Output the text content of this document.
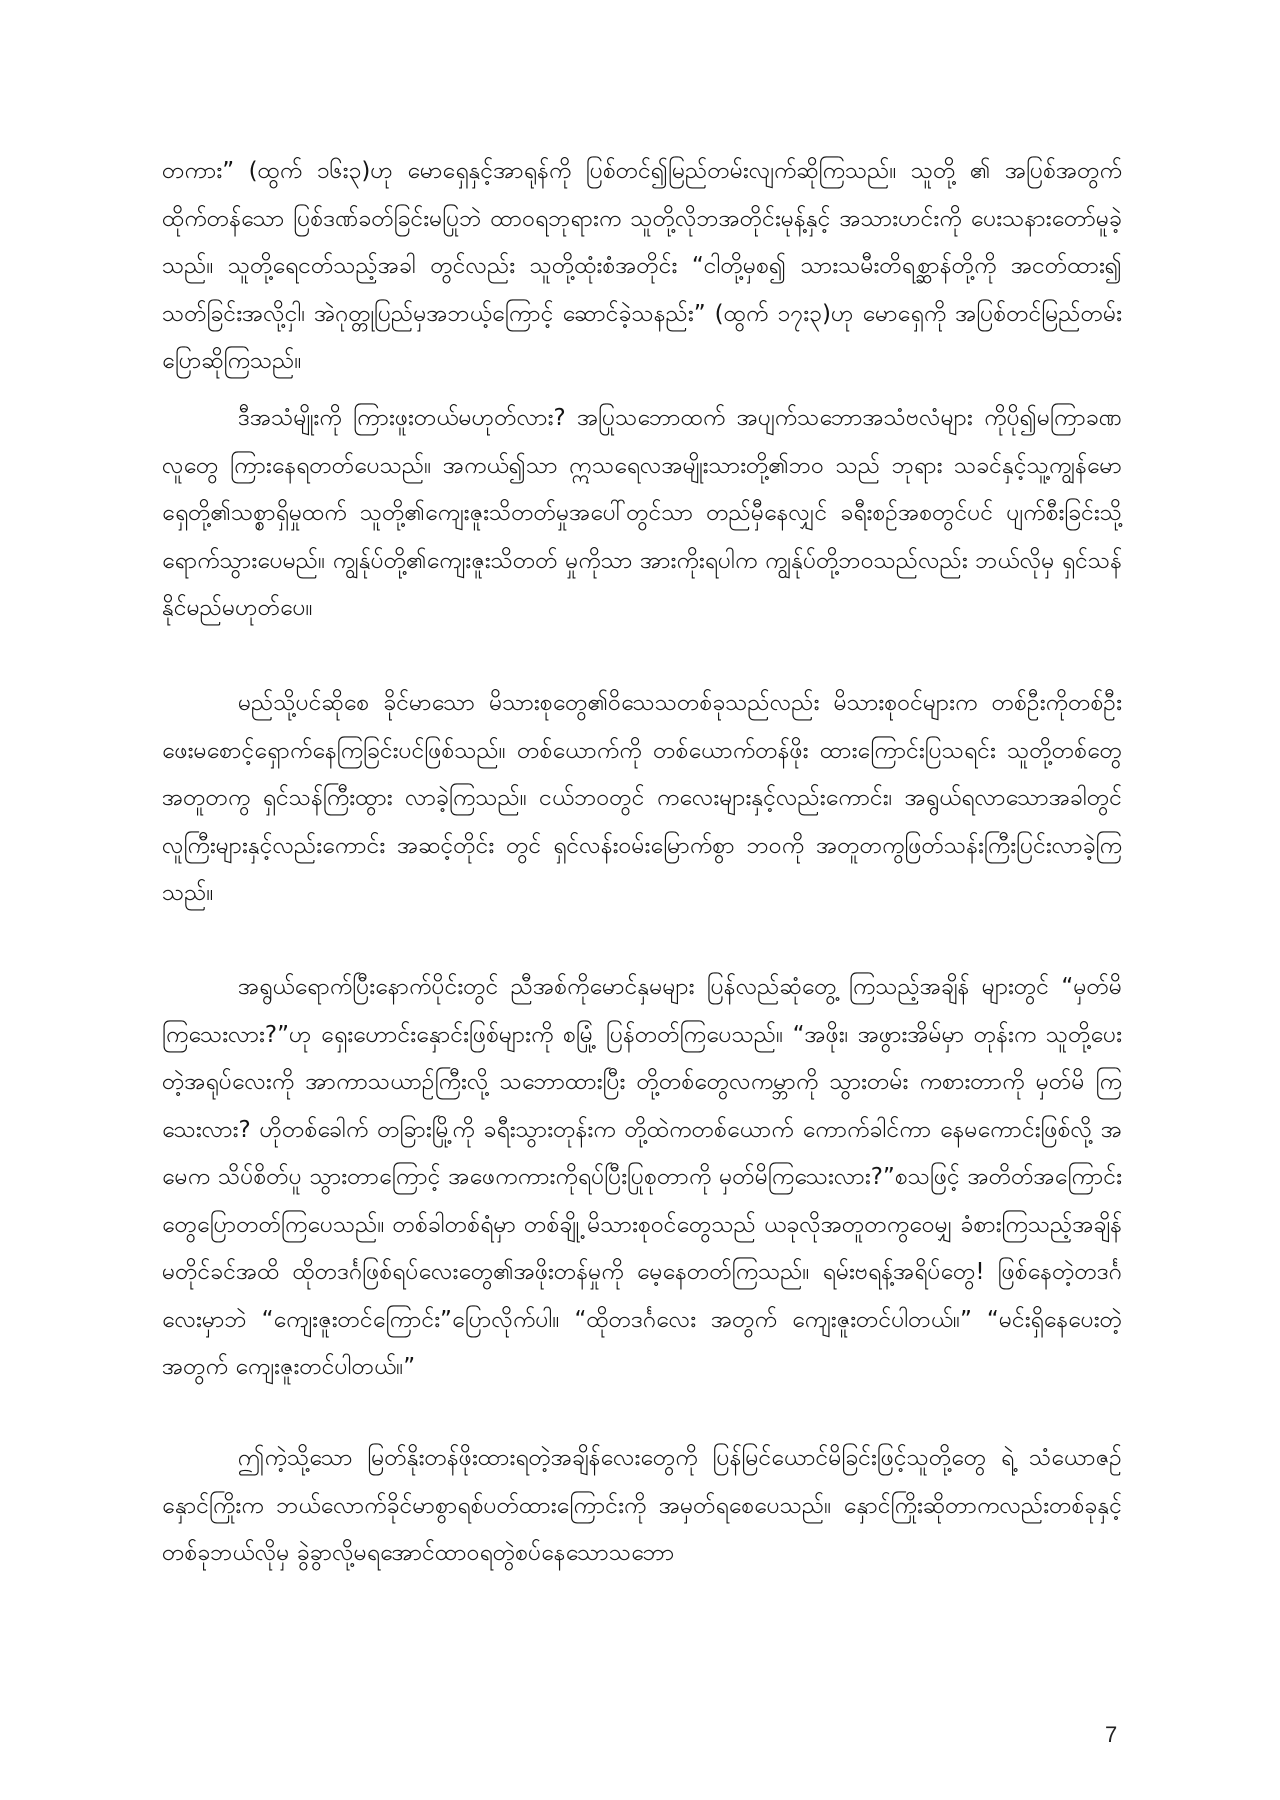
တကား” (ထွက် ၁၆း၃)ဟု မောရှေနှင့်အာရုန်ကို ပြစ်တင်၍မြည်တမ်းလျက်ဆိုကြသည်။ သူတို့ ၏ အပြစ်အတွက်ထိုက်တန်သော ပြစ်ဒဏ်ခတ်ခြင်းမပြုဘဲ ထာဝရဘုရားက သူတို့လိုဘအတိုင်းမုန့်နှင့် အသားဟင်းကို ပေးသနားတော်မူခဲ့သည်။ သူတို့ရေငတ်သည့်အခါ တွင်လည်း သူတို့ထုံးစံအတိုင်း “ငါတို့မှစ၍ သားသမီးတိရစ္ဆာန်တို့ကို အငတ်ထား၍ သတ်ခြင်းအလို့ငှါ၊ အဲဂုတ္တုပြည်မှအဘယ့်ကြောင့် ဆောင်ခဲ့သနည်း” (ထွက် ၁၇း၃)ဟု မောရှေကို အပြစ်တင်မြည်တမ်းပြောဆိုကြသည်။

ဒီအသံမျိုးကို ကြားဖူးတယ်မဟုတ်လား? အပြုသဘောထက် အပျက်သဘောအသံဗလံများ ကိုပို၍မကြာခဏလူတွေ ကြားနေရတတ်ပေသည်။ အကယ်၍သာ ဣသရေလအမျိုးသားတို့၏ဘဝ သည် ဘုရား သခင်နှင့်သူ့ကျွန်မောရှေတို့၏သစ္စာရှိမှုထက် သူတို့၏ကျေးဇူးသိတတ်မှုအပေါ်တွင်သာ တည်မှီနေလျှင် ခရီးစဉ်အစတွင်ပင် ပျက်စီးခြင်းသို့ရောက်သွားပေမည်။ ကျွန်ုပ်တို့၏ကျေးဇူးသိတတ် မှုကိုသာ အားကိုးရပါက ကျွန်ုပ်တို့ဘဝသည်လည်း ဘယ်လိုမှ ရှင်သန်နိုင်မည်မဟုတ်ပေ။

မည်သို့ပင်ဆိုစေ ခိုင်မာသော မိသားစုတွေ၏ဝိသေသတစ်ခုသည်လည်း မိသားစုဝင်များက တစ်ဦးကိုတစ်ဦးဖေးမစောင့်ရှောက်နေကြခြင်းပင်ဖြစ်သည်။ တစ်ယောက်ကို တစ်ယောက်တန်ဖိုး ထားကြောင်းပြသရင်း သူတို့တစ်တွေ အတူတကွ ရှင်သန်ကြီးထွား လာခဲ့ကြသည်။ ငယ်ဘဝတွင် ကလေးများနှင့်လည်းကောင်း၊ အရွယ်ရလာသောအခါတွင် လူကြီးများနှင့်လည်းကောင်း အဆင့်တိုင်း တွင် ရှင်လန်းဝမ်းမြောက်စွာ ဘဝကို အတူတကွဖြတ်သန်းကြီးပြင်းလာခဲ့ကြသည်။

အရွယ်ရောက်ပြီးနောက်ပိုင်းတွင် ညီအစ်ကိုမောင်နှမများ ပြန်လည်ဆုံတွေ့ ကြသည့်အချိန် များတွင် “မှတ်မိကြသေးလား?”ဟု ရှေးဟောင်းနှောင်းဖြစ်များကို စမြုံ့ ပြန်တတ်ကြပေသည်။ “အဖိုး၊ အဖွားအိမ်မှာ တုန်းက သူတို့ပေးတဲ့အရုပ်လေးကို အာကာသယာဉ်ကြီးလို့ သဘောထားပြီး တို့တစ်တွေလကမ္ဘာကို သွားတမ်း ကစားတာကို မှတ်မိ ကြသေးလား? ဟိုတစ်ခေါက် တခြားမြို့ကို ခရီးသွားတုန်းက တို့ထဲကတစ်ယောက် ကောက်ခါင်ကာ နေမကောင်းဖြစ်လို့ အမေက သိပ်စိတ်ပူ သွားတာကြောင့် အဖေကကားကိုရပ်ပြီးပြုစုတာကို မှတ်မိကြသေးလား?”စသဖြင့် အတိတ်အကြောင်း တွေပြောတတ်ကြပေသည်။ တစ်ခါတစ်ရံမှာ တစ်ချို့ မိသားစုဝင်တွေသည် ယခုလိုအတူတကွဝေမျှ ခံစားကြသည့်အချိန်မတိုင်ခင်အထိ ထိုတဒင်္ဂဖြစ်ရပ်လေးတွေ၏အဖိုးတန်မှုကို မေ့နေတတ်ကြသည်။ ရမ်းဗရန့်အရိပ်တွေ! ဖြစ်နေတဲ့တဒင်္ဂလေးမှာဘဲ “ကျေးဇူးတင်ကြောင်း”ပြောလိုက်ပါ။ “ထိုတဒင်္ဂလေး အတွက် ကျေးဇူးတင်ပါတယ်။” “မင်းရှိနေပေးတဲ့အတွက် ကျေးဇူးတင်ပါတယ်။”

ဤကဲ့သို့သော မြတ်နိုးတန်ဖိုးထားရတဲ့အချိန်လေးတွေကို ပြန်မြင်ယောင်မိခြင်းဖြင့်သူတို့တွေ ရဲ့ သံယောဇဉ်နှောင်ကြိုးက ဘယ်လောက်ခိုင်မာစွာရစ်ပတ်ထားကြောင်းကို အမှတ်ရစေပေသည်။ နှောင်ကြိုးဆိုတာကလည်းတစ်ခုနှင့်တစ်ခုဘယ်လိုမှ ခွဲခွာလို့မရအောင်ထာဝရတွဲစပ်နေသောသဘော

7
